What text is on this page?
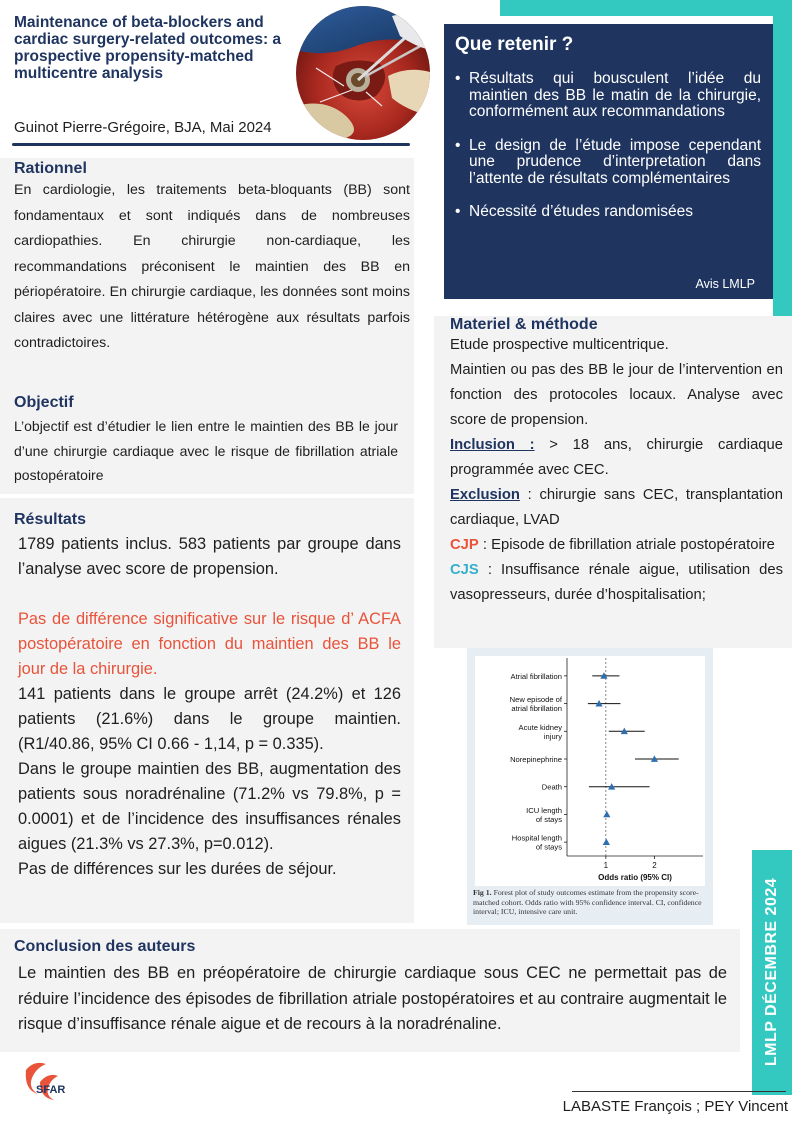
Maintenance of beta-blockers and cardiac surgery-related outcomes: a prospective propensity-matched multicentre analysis
Guinot Pierre-Grégoire, BJA, Mai 2024
Que retenir ?
• Résultats qui bousculent l’idée du maintien des BB le matin de la chirurgie, conformément aux recommandations
• Le design de l’étude impose cependant une prudence d’interpretation dans l’attente de résultats complémentaires
• Nécessité d’études randomisées
Avis LMLP
Rationnel
En cardiologie, les traitements beta-bloquants (BB) sont fondamentaux et sont indiqués dans de nombreuses cardiopathies. En chirurgie non-cardiaque, les recommandations préconisent le maintien des BB en périopératoire. En chirurgie cardiaque, les données sont moins claires avec une littérature hétérogène aux résultats parfois contradictoires.
Objectif
L’objectif est d’étudier le lien entre le maintien des BB le jour d’une chirurgie cardiaque avec le risque de fibrillation atriale postopératoire
Résultats

1789 patients inclus. 583 patients par groupe dans l’analyse avec score de propension.

Pas de différence significative sur le risque d’ ACFA postopératoire en fonction du maintien des BB le jour de la chirurgie.

141 patients dans le groupe arrêt (24.2%) et 126 patients (21.6%) dans le groupe maintien. (R1/40.86, 95% CI 0.66 - 1,14, p = 0.335).

Dans le groupe maintien des BB, augmentation des patients sous noradrénaline (71.2% vs 79.8%, p = 0.0001) et de l’incidence des insuffisances rénales aigues (21.3% vs 27.3%, p=0.012).

Pas de différences sur les durées de séjour.

Materiel & méthode

Etude prospective multicentrique.

Maintien ou pas des BB le jour de l’intervention en fonction des protocoles locaux. Analyse avec score de propension.

Inclusion : > 18 ans, chirurgie cardiaque programmée avec CEC.

Exclusion : chirurgie sans CEC, transplantation cardiaque, LVAD

CJP : Episode de fibrillation atriale postopératoire

CJS : Insuffisance rénale aigue, utilisation des vasopresseurs, durée d’hospitalisation;

1	2
Odds ratio (95% CI)
Atrial fibrillation
New episode of
atrial fibrillation
Acute kidney
injury
Norepinephrine
Death
ICU length
of stays
Hospital length
of stays
Fig 1. Forest plot of study outcomes estimate from the propensity score-matched cohort. Odds ratio with 95% confidence interval. CI, confidence interval; ICU, intensive care unit.
Conclusion des auteurs
Le maintien des BB en préopératoire de chirurgie cardiaque sous CEC ne permettait pas de réduire l’incidence des épisodes de fibrillation atriale postopératoires et au contraire augmentait le risque d’insuffisance rénale aigue et de recours à la noradrénaline.	LMLP DÉCEMBRE 2024
SFAR
LABASTE François ; PEY Vincent
